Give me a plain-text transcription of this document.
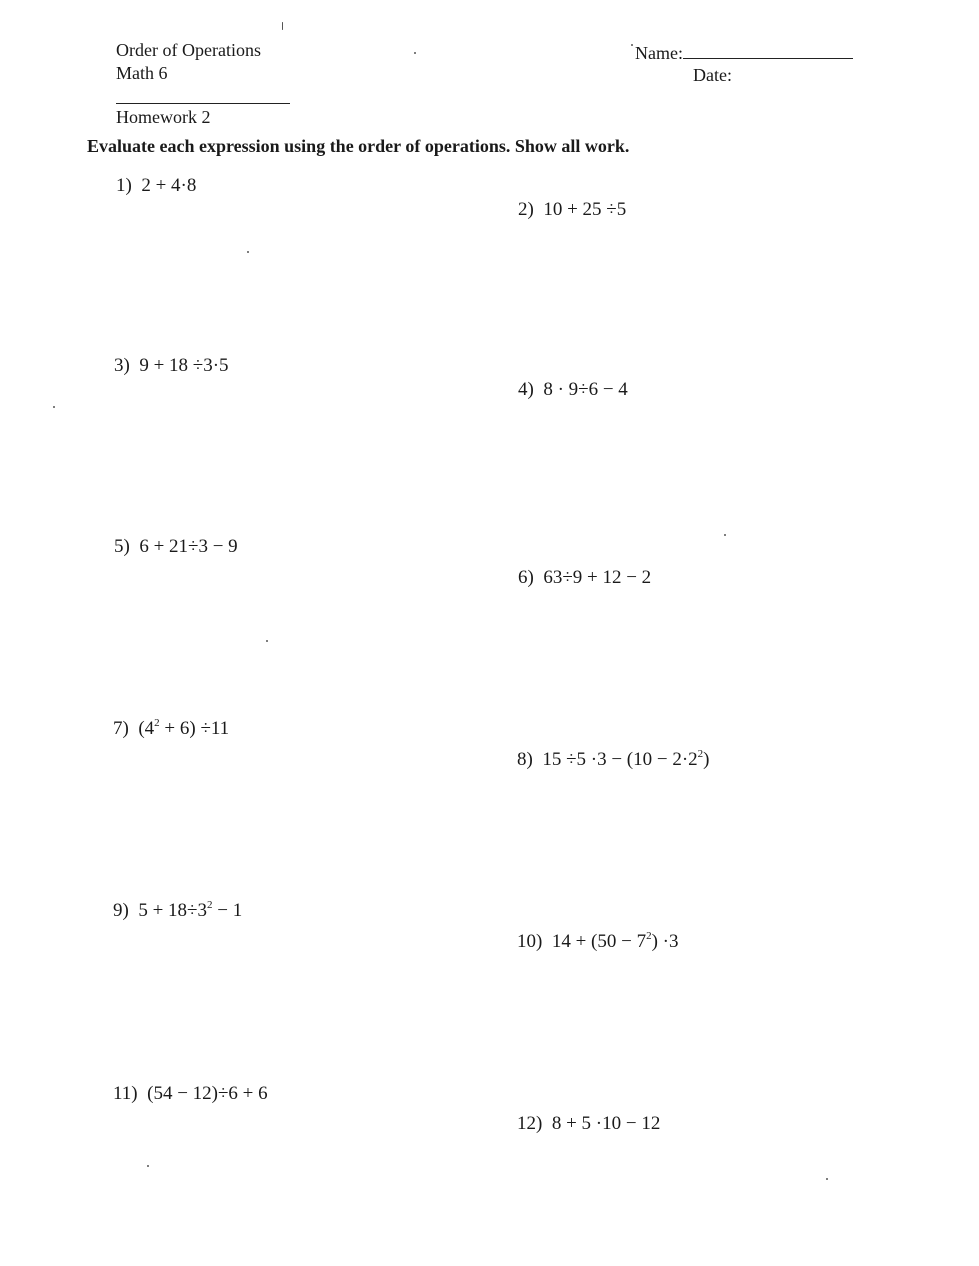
Order of Operations
Math 6
Homework 2
Name:
Date:
Evaluate each expression using the order of operations. Show all work.
1) 2 + 4·8
2) 10 + 25 ÷5
3) 9 + 18 ÷3·5
4) 8 · 9÷6 − 4
5) 6 + 21÷3 − 9
6) 63÷9 + 12 − 2
7) $(4^2 + 6) \div 11$
8) $15 \div 5 \cdot 3 - (10 - 2\cdot 2^2)$
9) $5 + 18\div 3^2 - 1$
10) $14 + (50 - 7^2) \cdot 3$
11) (54 − 12)÷6 + 6
12) 8 + 5 ·10 − 12
